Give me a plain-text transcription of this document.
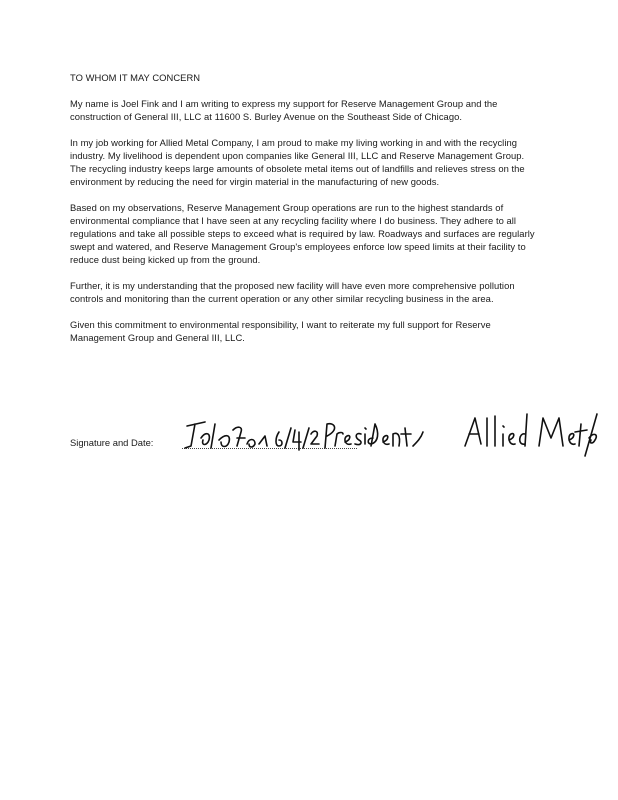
TO WHOM IT MAY CONCERN

My name is Joel Fink and I am writing to express my support for Reserve Management Group and the construction of General III, LLC at 11600 S. Burley Avenue on the Southeast Side of Chicago.

In my job working for Allied Metal Company, I am proud to make my living working in and with the recycling industry. My livelihood is dependent upon companies like General III, LLC and Reserve Management Group. The recycling industry keeps large amounts of obsolete metal items out of landfills and relieves stress on the environment by reducing the need for virgin material in the manufacturing of new goods.

Based on my observations, Reserve Management Group operations are run to the highest standards of environmental compliance that I have seen at any recycling facility where I do business. They adhere to all regulations and take all possible steps to exceed what is required by law. Roadways and surfaces are regularly swept and watered, and Reserve Management Group's employees enforce low speed limits at their facility to reduce dust being kicked up from the ground.

Further, it is my understanding that the proposed new facility will have even more comprehensive pollution controls and monitoring than the current operation or any other similar recycling business in the area.

Given this commitment to environmental responsibility, I want to reiterate my full support for Reserve Management Group and General III, LLC.

Signature and Date:
